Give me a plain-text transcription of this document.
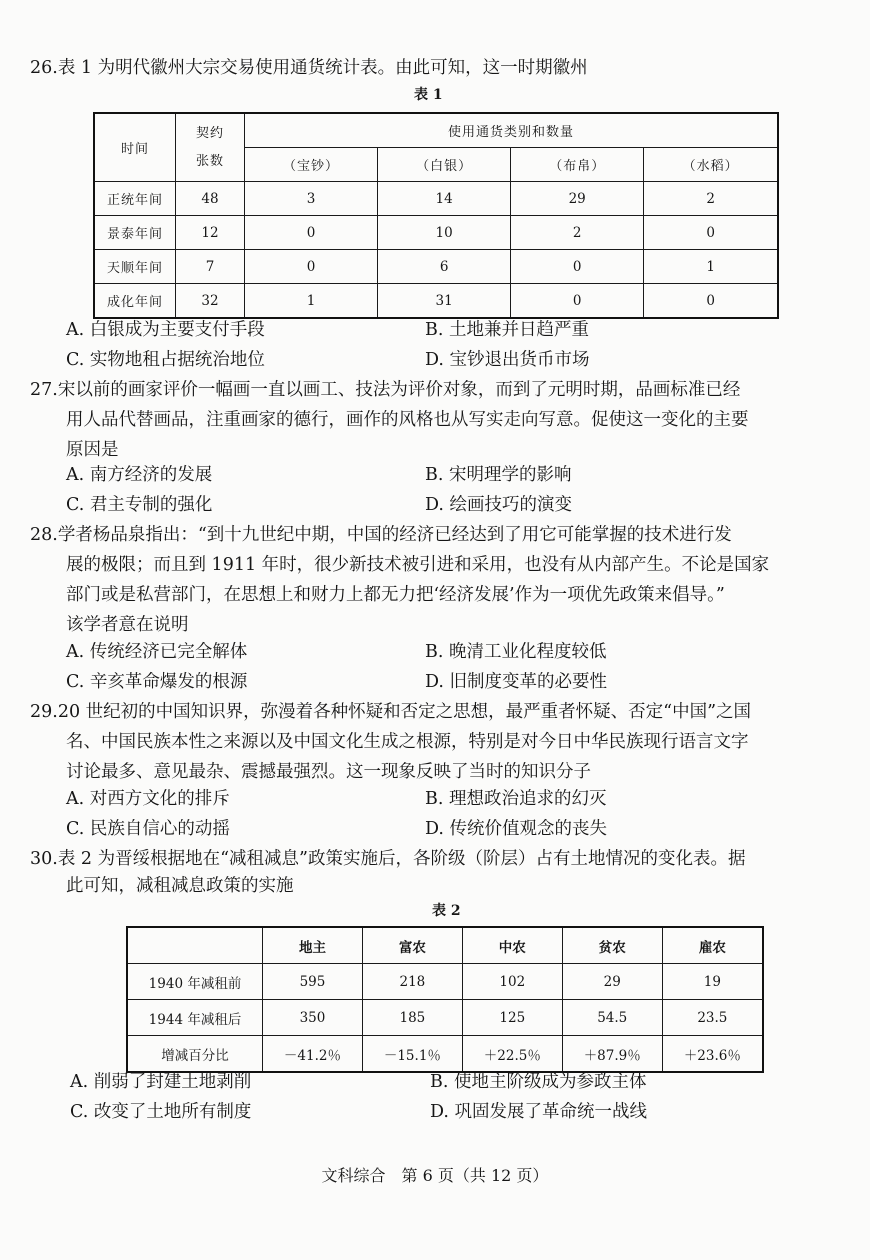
26.表 1 为明代徽州大宗交易使用通货统计表。由此可知，这一时期徽州
表 1
时间	契约张数	使用通货类别和数量			
		（宝钞）	（白银）	（布帛）	（水稻）
正统年间	48	3	14	29	2
景泰年间	12	0	10	2	0
天顺年间	7	0	6	0	1
成化年间	32	1	31	0	0
A. 白银成为主要支付手段	B. 土地兼并日趋严重
C. 实物地租占据统治地位	D. 宝钞退出货币市场
27.宋以前的画家评价一幅画一直以画工、技法为评价对象，而到了元明时期，品画标准已经
用人品代替画品，注重画家的德行，画作的风格也从写实走向写意。促使这一变化的主要
原因是
A. 南方经济的发展	B. 宋明理学的影响
C. 君主专制的强化	D. 绘画技巧的演变
28.学者杨品泉指出：“到十九世纪中期，中国的经济已经达到了用它可能掌握的技术进行发
展的极限；而且到 1911 年时，很少新技术被引进和采用，也没有从内部产生。不论是国家
部门或是私营部门，在思想上和财力上都无力把‘经济发展’作为一项优先政策来倡导。”
该学者意在说明
A. 传统经济已完全解体	B. 晚清工业化程度较低
C. 辛亥革命爆发的根源	D. 旧制度变革的必要性
29.20 世纪初的中国知识界，弥漫着各种怀疑和否定之思想，最严重者怀疑、否定“中国”之国
名、中国民族本性之来源以及中国文化生成之根源，特别是对今日中华民族现行语言文字
讨论最多、意见最杂、震撼最强烈。这一现象反映了当时的知识分子
A. 对西方文化的排斥	B. 理想政治追求的幻灭
C. 民族自信心的动摇	D. 传统价值观念的丧失
30.表 2 为晋绥根据地在“减租减息”政策实施后，各阶级（阶层）占有土地情况的变化表。据
此可知，减租减息政策的实施
表 2
	地主	富农	中农	贫农	雇农
1940 年减租前	595	218	102	29	19
1944 年减租后	350	185	125	54.5	23.5
增减百分比	－41.2％	－15.1％	＋22.5％	＋87.9％	＋23.6％
A. 削弱了封建土地剥削	B. 使地主阶级成为参政主体
C. 改变了土地所有制度	D. 巩固发展了革命统一战线
文科综合　第 6 页（共 12 页）
